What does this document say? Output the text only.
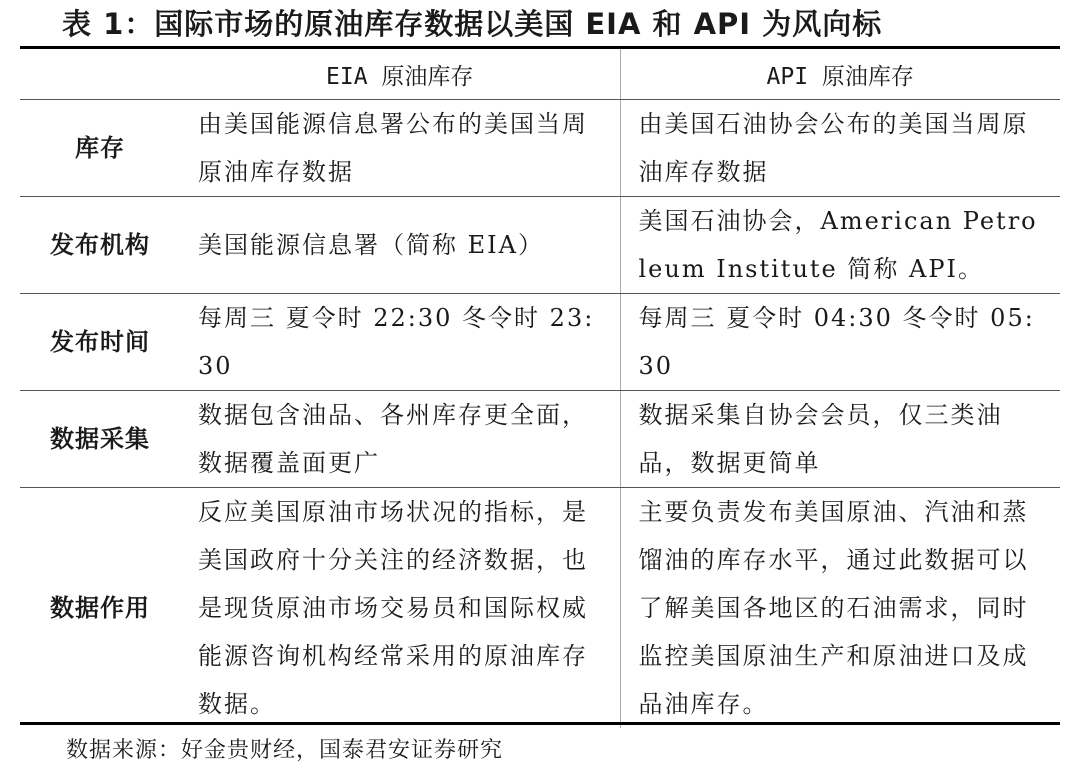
表 1：国际市场的原油库存数据以美国 EIA 和 API 为风向标
	EIA 原油库存	API 原油库存
库存	由美国能源信息署公布的美国当周原油库存数据	由美国石油协会公布的美国当周原油库存数据
发布机构	美国能源信息署（简称 EIA）	美国石油协会，American Petroleum Institute 简称 API。
发布时间	每周三 夏令时 22:30 冬令时 23:30	每周三 夏令时 04:30 冬令时 05:30
数据采集	数据包含油品、各州库存更全面，数据覆盖面更广	数据采集自协会会员，仅三类油品，数据更简单
数据作用	反应美国原油市场状况的指标，是美国政府十分关注的经济数据，也是现货原油市场交易员和国际权威能源咨询机构经常采用的原油库存数据。	主要负责发布美国原油、汽油和蒸馏油的库存水平，通过此数据可以了解美国各地区的石油需求，同时监控美国原油生产和原油进口及成品油库存。
数据来源：好金贵财经，国泰君安证券研究
